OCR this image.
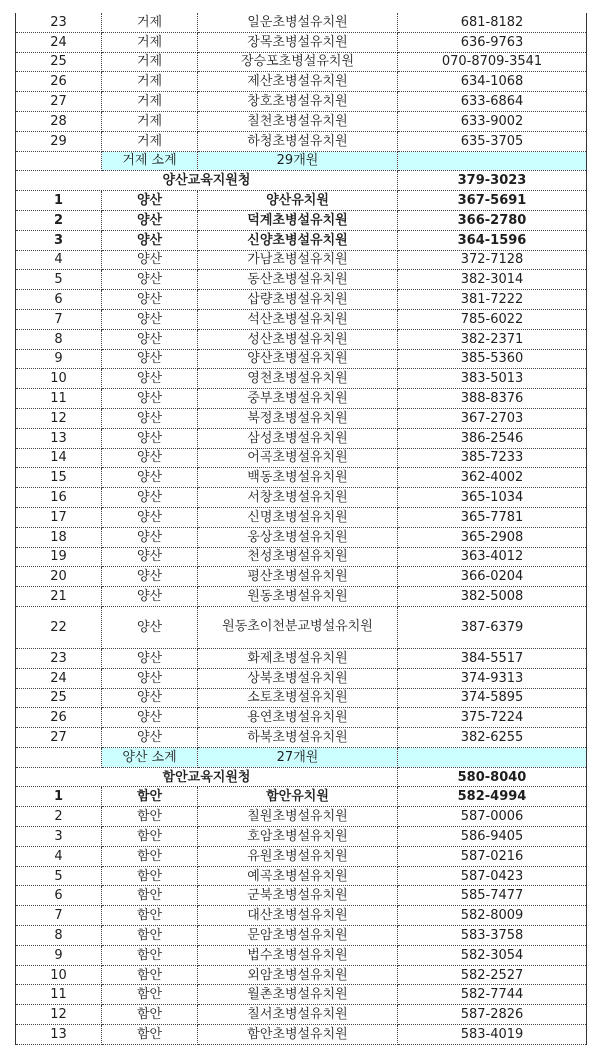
23	거제	일운초병설유치원	681-8182
24	거제	장목초병설유치원	636-9763
25	거제	장승포초병설유치원	070-8709-3541
26	거제	제산초병설유치원	634-1068
27	거제	창호초병설유치원	633-6864
28	거제	칠천초병설유치원	633-9002
29	거제	하청초병설유치원	635-3705
	거제 소계	29개원	
양산교육지원청			379-3023
1	양산	양산유치원	367-5691
2	양산	덕계초병설유치원	366-2780
3	양산	신양초병설유치원	364-1596
4	양산	가남초병설유치원	372-7128
5	양산	동산초병설유치원	382-3014
6	양산	삽량초병설유치원	381-7222
7	양산	석산초병설유치원	785-6022
8	양산	성산초병설유치원	382-2371
9	양산	양산초병설유치원	385-5360
10	양산	영천초병설유치원	383-5013
11	양산	중부초병설유치원	388-8376
12	양산	북정초병설유치원	367-2703
13	양산	삼성초병설유치원	386-2546
14	양산	어곡초병설유치원	385-7233
15	양산	백동초병설유치원	362-4002
16	양산	서창초병설유치원	365-1034
17	양산	신명초병설유치원	365-7781
18	양산	웅상초병설유치원	365-2908
19	양산	천성초병설유치원	363-4012
20	양산	평산초병설유치원	366-0204
21	양산	원동초병설유치원	382-5008
22	양산	원동초이천분교병설유치원	387-6379
23	양산	화제초병설유치원	384-5517
24	양산	상북초병설유치원	374-9313
25	양산	소토초병설유치원	374-5895
26	양산	용연초병설유치원	375-7224
27	양산	하북초병설유치원	382-6255
	양산 소계	27개원	
함안교육지원청			580-8040
1	함안	함안유치원	582-4994
2	함안	칠원초병설유치원	587-0006
3	함안	호암초병설유치원	586-9405
4	함안	유원초병설유치원	587-0216
5	함안	예곡초병설유치원	587-0423
6	함안	군북초병설유치원	585-7477
7	함안	대산초병설유치원	582-8009
8	함안	문암초병설유치원	583-3758
9	함안	법수초병설유치원	582-3054
10	함안	외암초병설유치원	582-2527
11	함안	월촌초병설유치원	582-7744
12	함안	칠서초병설유치원	587-2826
13	함안	함안초병설유치원	583-4019
